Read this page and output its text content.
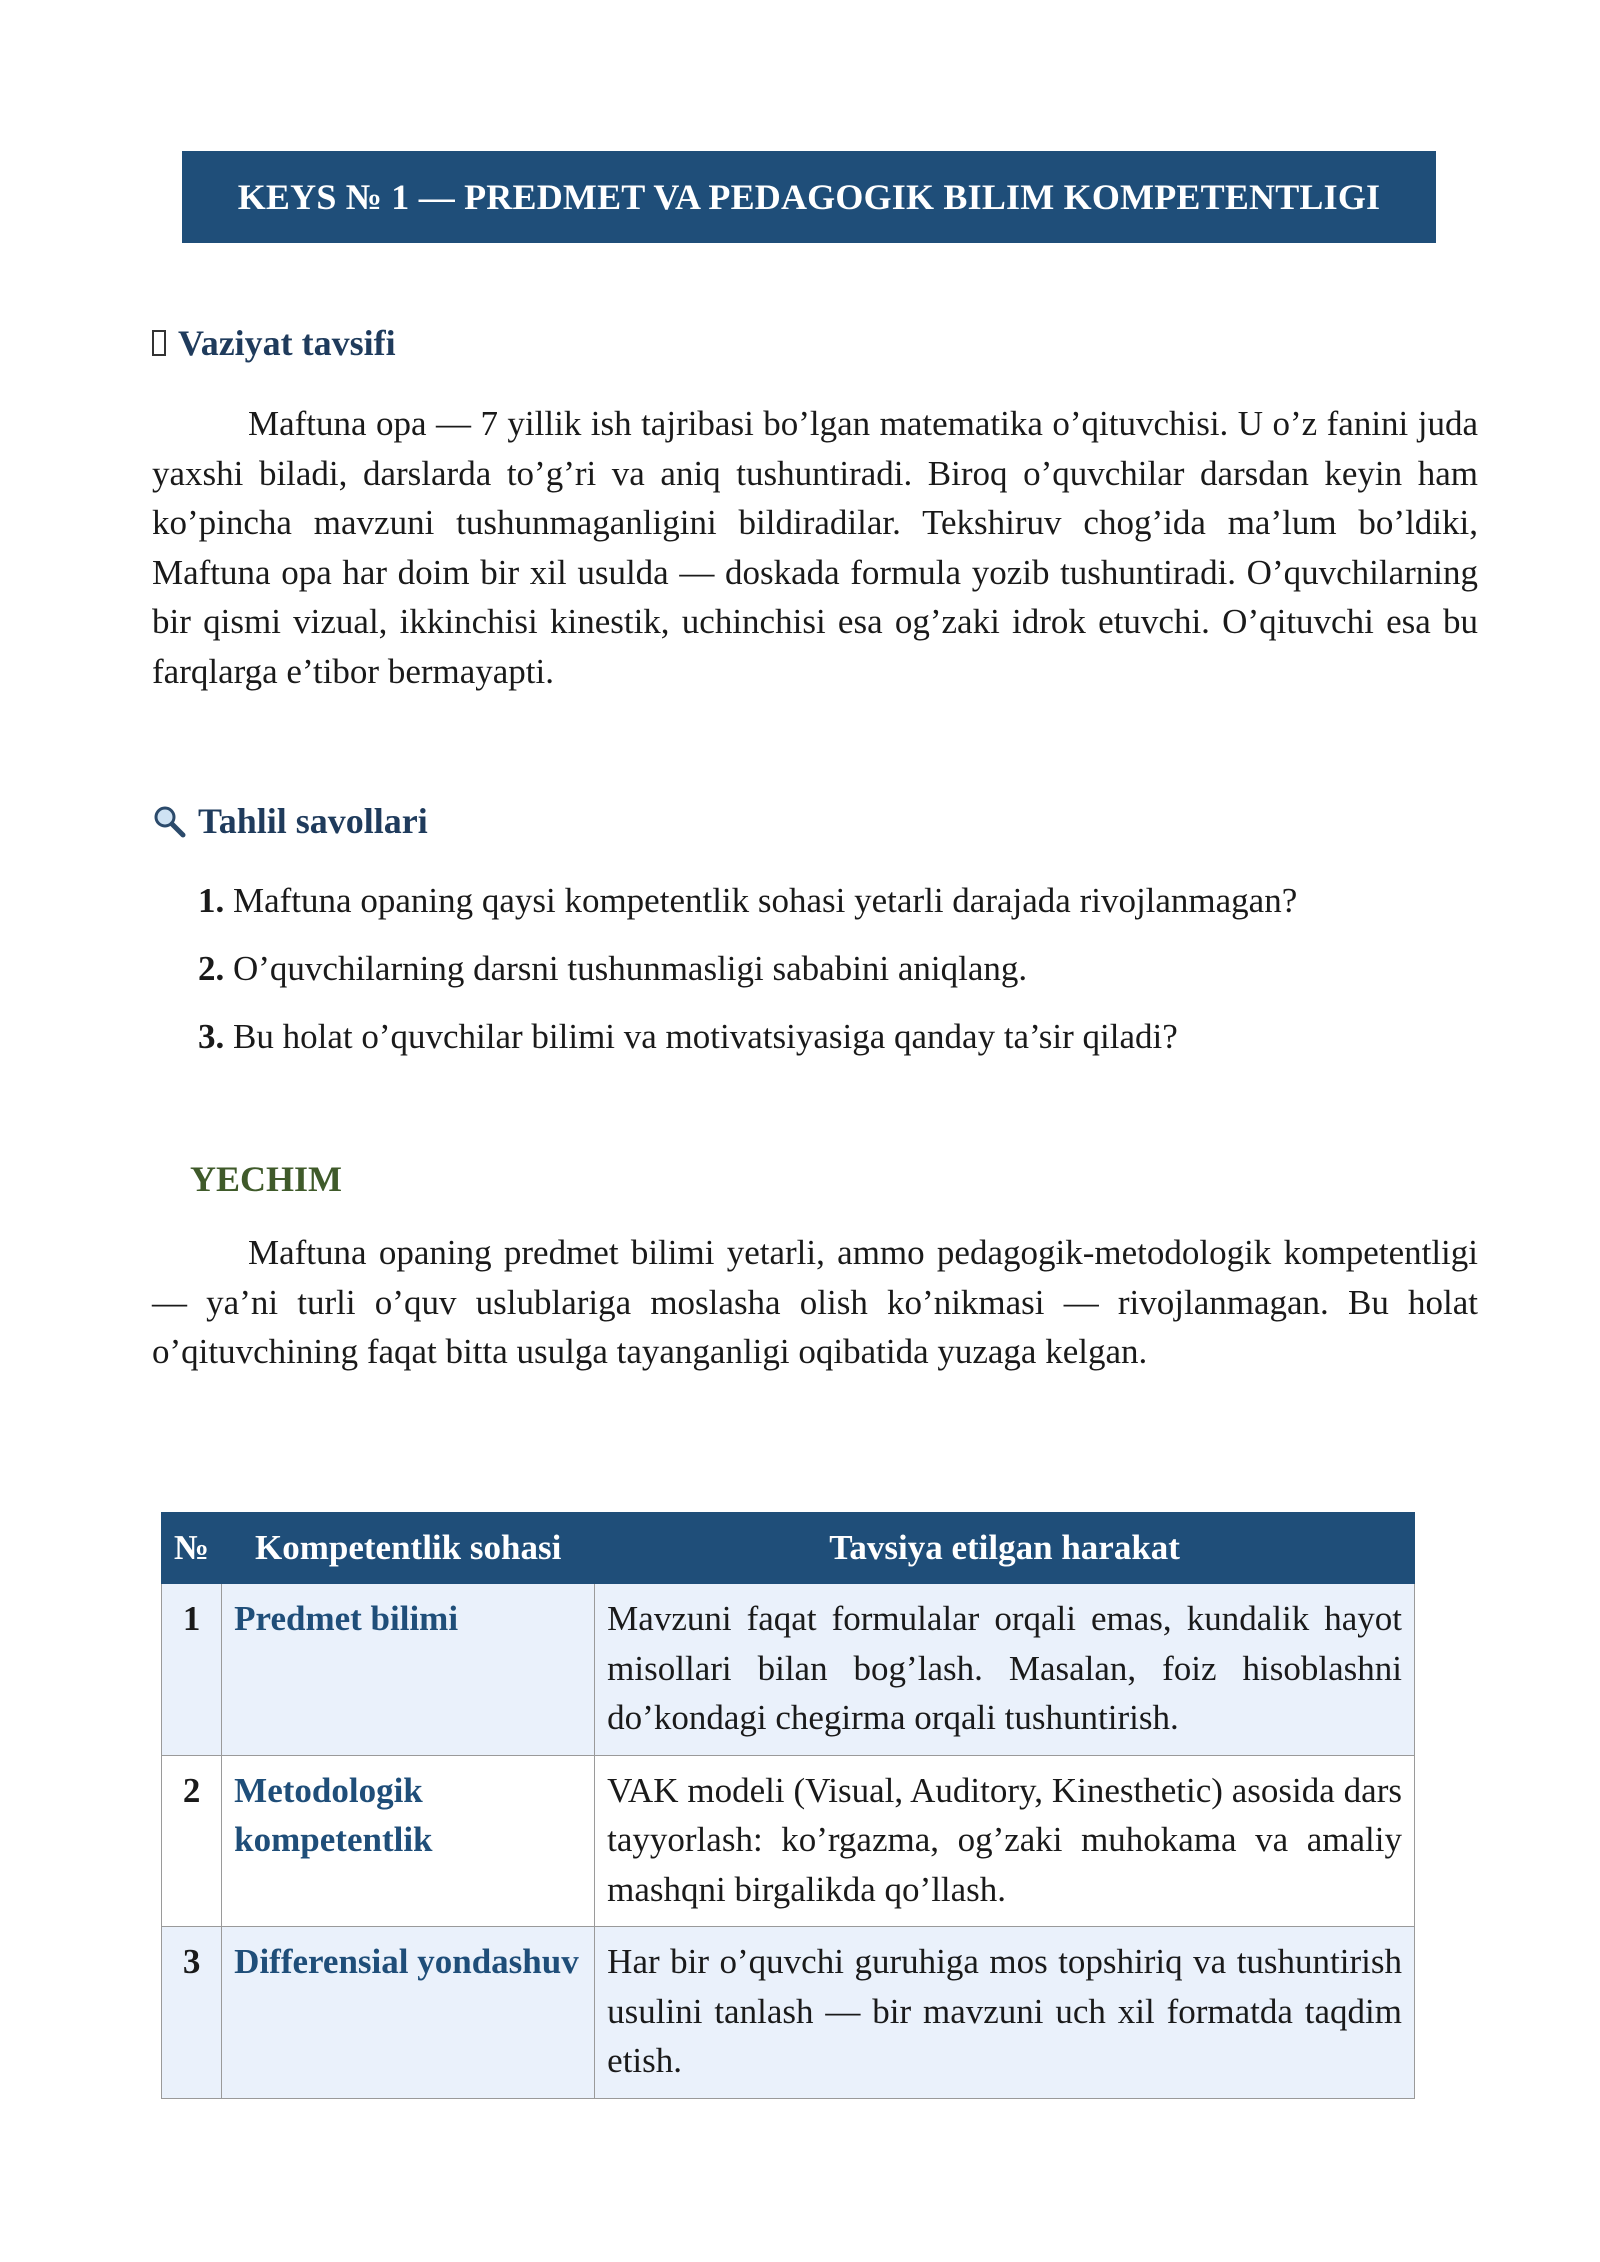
KEYS № 1 — PREDMET VA PEDAGOGIK BILIM KOMPETENTLIGI
Vaziyat tavsifi

Maftuna opa — 7 yillik ish tajribasi bo’lgan matematika o’qituvchisi. U o’z fanini juda yaxshi biladi, darslarda to’g’ri va aniq tushuntiradi. Biroq o’quvchilar darsdan keyin ham ko’pincha mavzuni tushunmaganligini bildiradilar. Tekshiruv chog’ida ma’lum bo’ldiki, Maftuna opa har doim bir xil usulda — doskada formula yozib tushuntiradi. O’quvchilarning bir qismi vizual, ikkinchisi kinestik, uchinchisi esa og’zaki idrok etuvchi. O’qituvchi esa bu farqlarga e’tibor bermayapti.

Tahlil savollari
1. Maftuna opaning qaysi kompetentlik sohasi yetarli darajada rivojlanmagan?
2. O’quvchilarning darsni tushunmasligi sababini aniqlang.
3. Bu holat o’quvchilar bilimi va motivatsiyasiga qanday ta’sir qiladi?
YECHIM

Maftuna opaning predmet bilimi yetarli, ammo pedagogik-metodologik kompetentligi — ya’ni turli o’quv uslublariga moslasha olish ko’nikmasi — rivojlanmagan. Bu holat o’qituvchining faqat bitta usulga tayanganligi oqibatida yuzaga kelgan.

№	Kompetentlik sohasi	Tavsiya etilgan harakat
1	Predmet bilimi	Mavzuni faqat formulalar orqali emas, kundalik hayot misollari bilan bog’lash. Masalan, foiz hisoblashni do’kondagi chegirma orqali tushuntirish.
2	Metodologik kompetentlik	VAK modeli (Visual, Auditory, Kinesthetic) asosida dars tayyorlash: ko’rgazma, og’zaki muhokama va amaliy mashqni birgalikda qo’llash.
3	Differensial yondashuv	Har bir o’quvchi guruhiga mos topshiriq va tushuntirish usulini tanlash — bir mavzuni uch xil formatda taqdim etish.
